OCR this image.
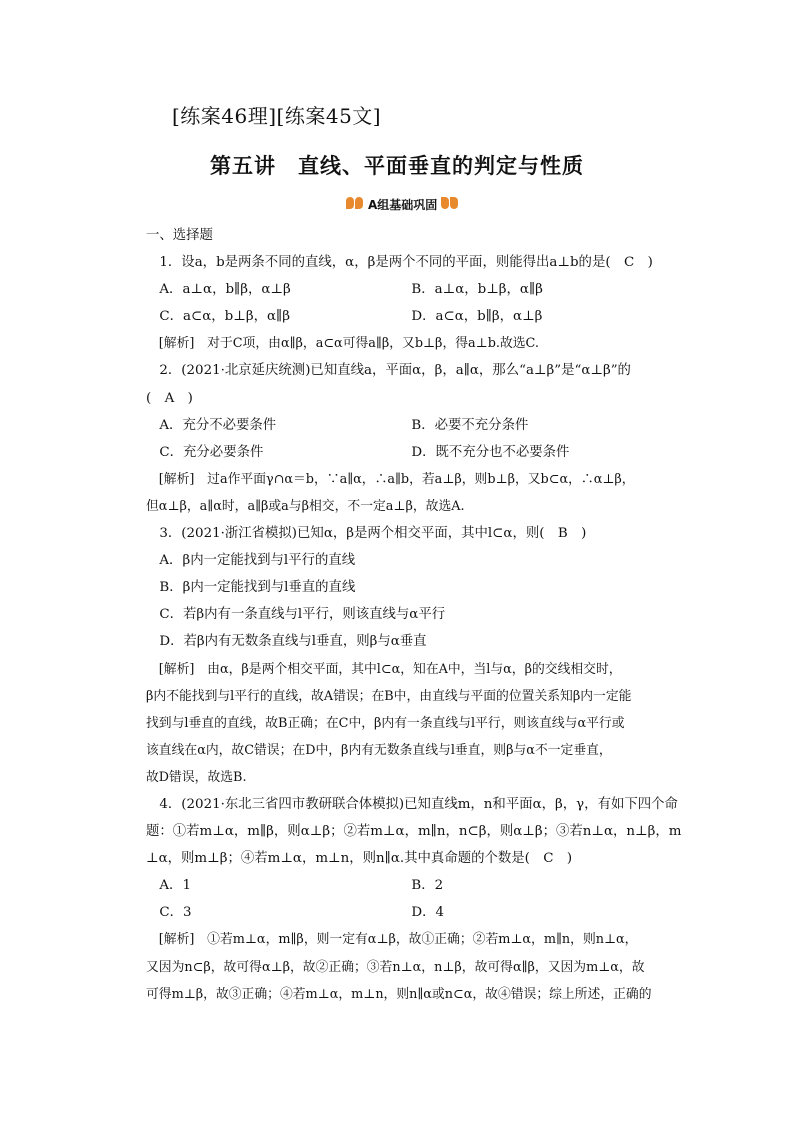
[练案46理][练案45文]
第五讲　直线、平面垂直的判定与性质
A组基础巩固
一、选择题
1．设a，b是两条不同的直线，α，β是两个不同的平面，则能得出a⊥b的是(　C　)
A．a⊥α，b∥β，α⊥β	B．a⊥α，b⊥β，α∥β
C．a⊂α，b⊥β，α∥β	D．a⊂α，b∥β，α⊥β
[解析]　对于C项，由α∥β，a⊂α可得a∥β，又b⊥β，得a⊥b.故选C.
2．(2021·北京延庆统测)已知直线a，平面α，β，a∥α，那么“a⊥β”是“α⊥β”的
(　A　)
A．充分不必要条件	B．必要不充分条件
C．充分必要条件	D．既不充分也不必要条件
[解析]　过a作平面γ∩α＝b，∵a∥α，∴a∥b，若a⊥β，则b⊥β，又b⊂α，∴α⊥β，
但α⊥β，a∥α时，a∥β或a与β相交，不一定a⊥β，故选A.
3．(2021·浙江省模拟)已知α，β是两个相交平面，其中l⊂α，则(　B　)
A．β内一定能找到与l平行的直线
B．β内一定能找到与l垂直的直线
C．若β内有一条直线与l平行，则该直线与α平行
D．若β内有无数条直线与l垂直，则β与α垂直
[解析]　由α，β是两个相交平面，其中l⊂α，知在A中，当l与α，β的交线相交时，
β内不能找到与l平行的直线，故A错误；在B中，由直线与平面的位置关系知β内一定能
找到与l垂直的直线，故B正确；在C中，β内有一条直线与l平行，则该直线与α平行或
该直线在α内，故C错误；在D中，β内有无数条直线与l垂直，则β与α不一定垂直，
故D错误，故选B.
4．(2021·东北三省四市教研联合体模拟)已知直线m，n和平面α，β，γ，有如下四个命
题：①若m⊥α，m∥β，则α⊥β；②若m⊥α，m∥n，n⊂β，则α⊥β；③若n⊥α，n⊥β，m
⊥α，则m⊥β；④若m⊥α，m⊥n，则n∥α.其中真命题的个数是(　C　)
A．1	B．2
C．3	D．4
[解析]　①若m⊥α，m∥β，则一定有α⊥β，故①正确；②若m⊥α，m∥n，则n⊥α，
又因为n⊂β，故可得α⊥β，故②正确；③若n⊥α，n⊥β，故可得α∥β，又因为m⊥α，故
可得m⊥β，故③正确；④若m⊥α，m⊥n，则n∥α或n⊂α，故④错误；综上所述，正确的
